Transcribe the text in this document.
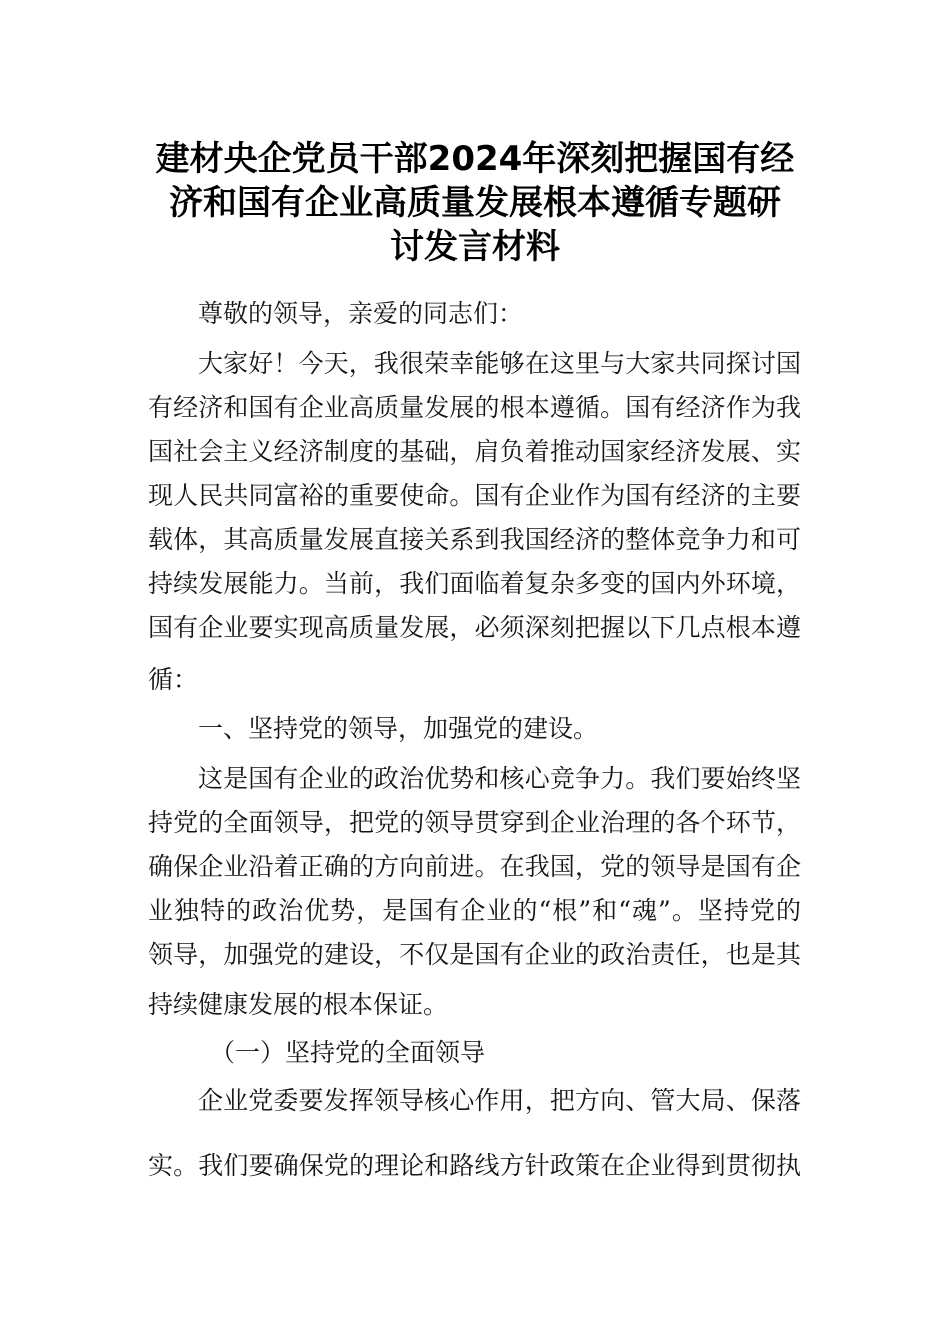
建材央企党员干部2024年深刻把握国有经
济和国有企业高质量发展根本遵循专题研
讨发言材料
尊敬的领导，亲爱的同志们：
大家好！今天，我很荣幸能够在这里与大家共同探讨国
有经济和国有企业高质量发展的根本遵循。国有经济作为我
国社会主义经济制度的基础，肩负着推动国家经济发展、实
现人民共同富裕的重要使命。国有企业作为国有经济的主要
载体，其高质量发展直接关系到我国经济的整体竞争力和可
持续发展能力。当前，我们面临着复杂多变的国内外环境，
国有企业要实现高质量发展，必须深刻把握以下几点根本遵
循：
一、坚持党的领导，加强党的建设。
这是国有企业的政治优势和核心竞争力。我们要始终坚
持党的全面领导，把党的领导贯穿到企业治理的各个环节，
确保企业沿着正确的方向前进。在我国，党的领导是国有企
业独特的政治优势，是国有企业的“根”和“魂”。坚持党的
领导，加强党的建设，不仅是国有企业的政治责任，也是其
持续健康发展的根本保证。
（一）坚持党的全面领导
企业党委要发挥领导核心作用，把方向、管大局、保落
实。我们要确保党的理论和路线方针政策在企业得到贯彻执
